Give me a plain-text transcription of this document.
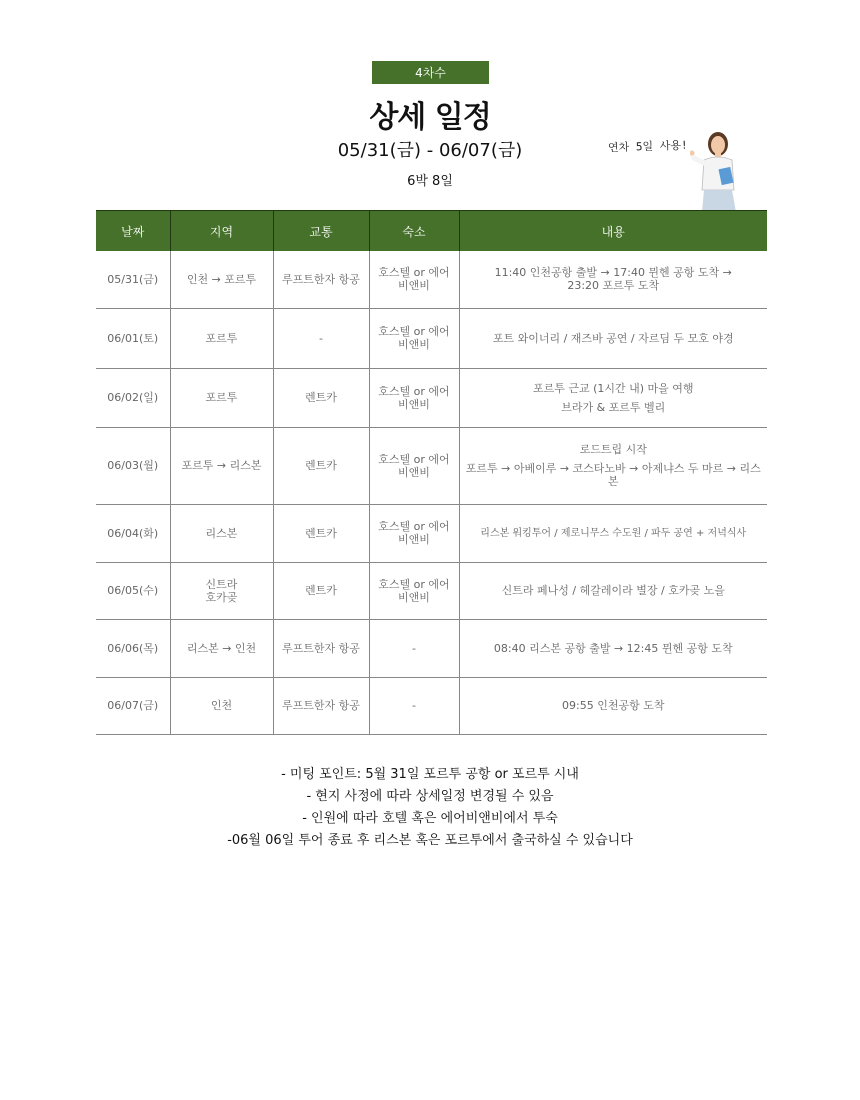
4차수
상세 일정
05/31(금) - 06/07(금)
6박 8일
연차 5일 사용!
날짜	지역	교통	숙소	내용
05/31(금)	인천 → 포르투	루프트한자 항공	호스텔 or 에어비앤비	11:40 인천공항 출발 → 17:40 뮌헨 공항 도착 →
23:20 포르투 도착

06/01(토)	포르투	-	호스텔 or 에어비앤비	포트 와이너리 / 재즈바 공연 / 자르딤 두 모호 야경
06/02(일)	포르투	렌트카	호스텔 or 에어비앤비	포르투 근교 (1시간 내) 마을 여행
브라가 & 포르투 벨리

06/03(월)	포르투 → 리스본	렌트카	호스텔 or 에어비앤비	로드트립 시작
포르투 → 아베이루 → 코스타노바 → 아제냐스 두 마르 → 리스본

06/04(화)	리스본	렌트카	호스텔 or 에어비앤비	리스본 워킹투어 / 제로니무스 수도원 / 파두 공연 + 저녁식사
06/05(수)	신트라 호카곶	렌트카	호스텔 or 에어비앤비	신트라 페나성 / 헤갈레이라 별장 / 호카곶 노을
06/06(목)	리스본 → 인천	루프트한자 항공	-	08:40 리스본 공항 출발 → 12:45 뮌헨 공항 도착
06/07(금)	인천	루프트한자 항공	-	09:55 인천공항 도착
- 미팅 포인트: 5월 31일 포르투 공항 or 포르투 시내
- 현지 사정에 따라 상세일정 변경될 수 있음
- 인원에 따라 호텔 혹은 에어비앤비에서 투숙
-06월 06일 투어 종료 후 리스본 혹은 포르투에서 출국하실 수 있습니다
